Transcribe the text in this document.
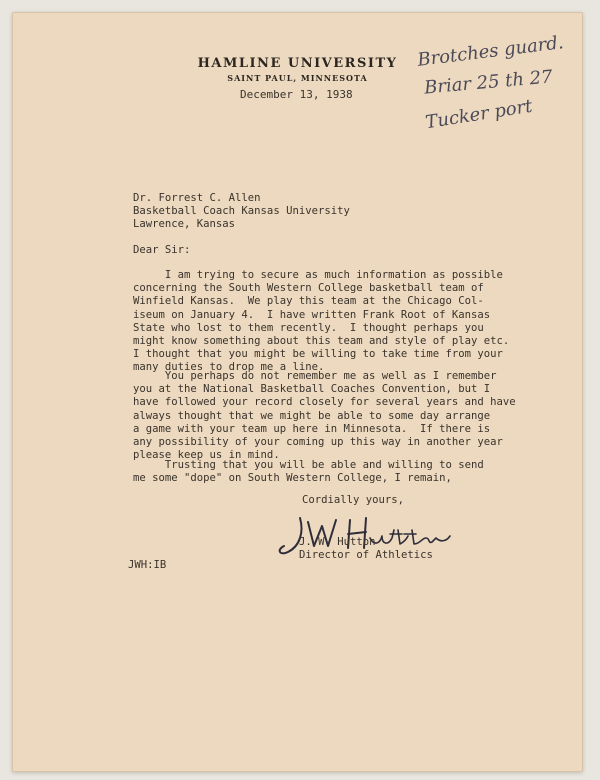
HAMLINE UNIVERSITY
SAINT PAUL, MINNESOTA
December 13, 1938
Brotches guard.
Briar 25 th 27
Tucker port
Dr. Forrest C. Allen
Basketball Coach Kansas University
Lawrence, Kansas
Dear Sir:
I am trying to secure as much information as possible
concerning the South Western College basketball team of
Winfield Kansas.  We play this team at the Chicago Col-
iseum on January 4.  I have written Frank Root of Kansas
State who lost to them recently.  I thought perhaps you
might know something about this team and style of play etc.
I thought that you might be willing to take time from your
many duties to drop me a line.
You perhaps do not remember me as well as I remember
you at the National Basketball Coaches Convention, but I
have followed your record closely for several years and have
always thought that we might be able to some day arrange
a game with your team up here in Minnesota.  If there is
any possibility of your coming up this way in another year
please keep us in mind.
Trusting that you will be able and willing to send
me some "dope" on South Western College, I remain,
Cordially yours,
J. W. Hutton
Director of Athletics
JWH:IB
